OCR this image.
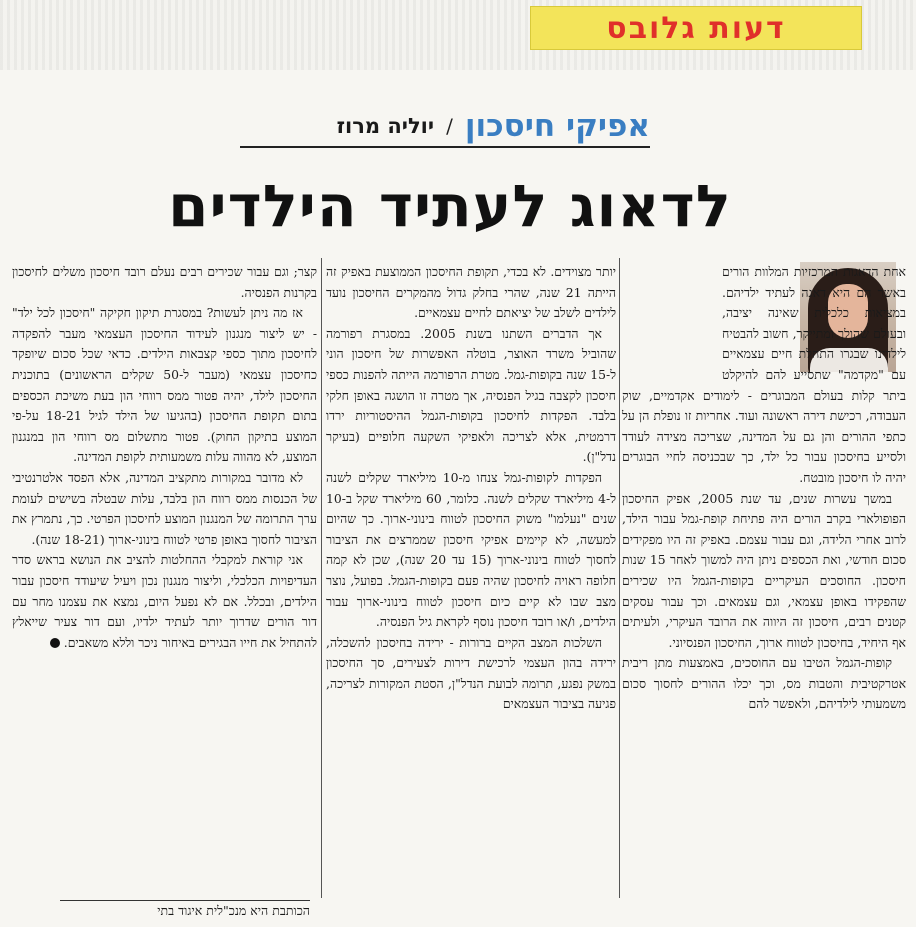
דעות גלובס
אפיקי חיסכון
/
יוליה מרוז
לדאוג לעתיד הילדים

אחת הדאגות המרכזיות המלוות הורים באשר הם היא דאגה לעתיד ילדיהם. במציאות כלכלית שאינה יציבה, ובעולם שהולך ומתייקר, חשוב להבטיח לילדינו שבגרו התחלת חיים עצמאיים עם "מקדמה" שתסייע להם להיקלט ביתר קלות בעולם המבוגרים - לימודים אקדמיים, שוק העבודה, רכישת דירה ראשונה ועוד. אחריות זו נופלת הן על כתפי ההורים והן גם על המדינה, שצריכה מצידה לעודד ולסייע בחיסכון עבור כל ילד, כך שבכניסה לחיי הבוגרים יהיה לו חיסכון מובטח.

במשך עשרות שנים, עד שנת 2005, אפיק החיסכון הפופולארי בקרב הורים היה פתיחת קופת-גמל עבור הילד, לרוב אחרי הלידה, וגם עבור עצמם. באפיק זה היו מפקידים סכום חודשי, ואת הכספים ניתן היה למשוך לאחר 15 שנות חיסכון. החוסכים העיקריים בקופות-הגמל היו שכירים שהפקידו באופן עצמאי, וגם עצמאים. וכך עבור עסקים קטנים רבים, חיסכון זה היווה את הרובד העיקרי, ולעיתים אף היחיד, בחיסכון לטווח ארוך, החיסכון הפנסיוני.

קופות-הגמל הטיבו עם החוסכים, באמצעות מתן ריבית אטרקטיבית והטבות מס, וכך יכלו ההורים לחסוך סכום משמעותי לילדיהם, ולאפשר להם

יותר מצוידים. לא בכדי, תקופת החיסכון הממוצעת באפיק זה הייתה 21 שנה, שהרי בחלק גדול מהמקרים החיסכון נועד לילדים לשלב של יציאתם לחיים עצמאיים.

אך הדברים השתנו בשנת 2005. במסגרת רפורמה שהוביל משרד האוצר, בוטלה האפשרות של חיסכון הוני ל-15 שנה בקופות-גמל. מטרת הרפורמה הייתה להפנות כספי חיסכון לקצבה בגיל הפנסיה, אך מטרה זו הושגה באופן חלקי בלבד. הפקדות לחיסכון בקופות-הגמל ההיסטוריות ירדו דרמטית, אלא לצריכה ולאפיקי השקעה חלופיים (בעיקר נדל"ן).

הפקדות לקופות-גמל צנחו מ-10 מיליארד שקלים לשנה ל-4 מיליארד שקלים לשנה. כלומר, 60 מיליארד שקל ב-10 שנים "נעלמו" משוק החיסכון לטווח בינוני-ארוך. כך שהיום למעשה, לא קיימים אפיקי חיסכון שממרצים את הציבור לחסוך לטווח בינוני-ארוך (15 עד 20 שנה), שכן לא קמה חלופה ראויה לחיסכון שהיה פעם בקופות-הגמל. בפועל, נוצר מצב שבו לא קיים כיום חיסכון לטווח בינוני-ארוך עבור הילדים, ו/או רובד חיסכון נוסף לקראת גיל הפנסיה.

השלכות המצב הקיים ברורות - ירידה בחיסכון להשכלה, ירידה בהון העצמי לרכישת דירות לצעירים, סך החיסכון במשק נפגע, תרומה לבועת הנדל"ן, הסטת המקורות לצריכה, פגיעה בציבור העצמאים

קצר; וגם עבור שכירים רבים נעלם רובד חיסכון משלים לחיסכון בקרנות הפנסיה.

אז מה ניתן לעשות? במסגרת תיקון חקיקה "חיסכון לכל ילד" - יש ליצור מנגנון לעידוד החיסכון העצמאי מעבר להפקדה לחיסכון מתוך כספי קצבאות הילדים. כדאי שכל סכום שיופקד כחיסכון עצמאי (מעבר ל-50 שקלים הראשונים) בתוכנית החיסכון לילד, יהיה פטור ממס רווחי הון בעת משיכת הכספים בתום תקופת החיסכון (בהגיעו של הילד לגיל 18-21 על-פי המוצע בתיקון החוק). פטור מתשלום מס רווחי הון במנגנון המוצע, לא מהווה עלות משמעותית לקופת המדינה.

לא מדובר במקורות מתקציב המדינה, אלא הפסד אלטרנטיבי של הכנסות ממס רווח הון בלבד, עלות שבטלה בשישים לעומת ערך התרומה של המנגנון המוצע לחיסכון הפרטי. כך, נתמרץ את הציבור לחסוך באופן פרטי לטווח בינוני-ארוך (18-21 שנה).

אני קוראת למקבלי ההחלטות להציב את הנושא בראש סדר העדיפויות הכלכלי, וליצור מנגנון נכון ויעיל שיעודד חיסכון עבור הילדים, ובכלל. אם לא נפעל היום, נמצא את עצמנו מחר עם דור הורים שדרוך יותר לעתיד ילדיו, ועם דור צעיר שייאלץ להתחיל את חייו הבגירים באיחור ניכר וללא משאבים.

הכותבת היא מנכ"לית איגוד בתי
